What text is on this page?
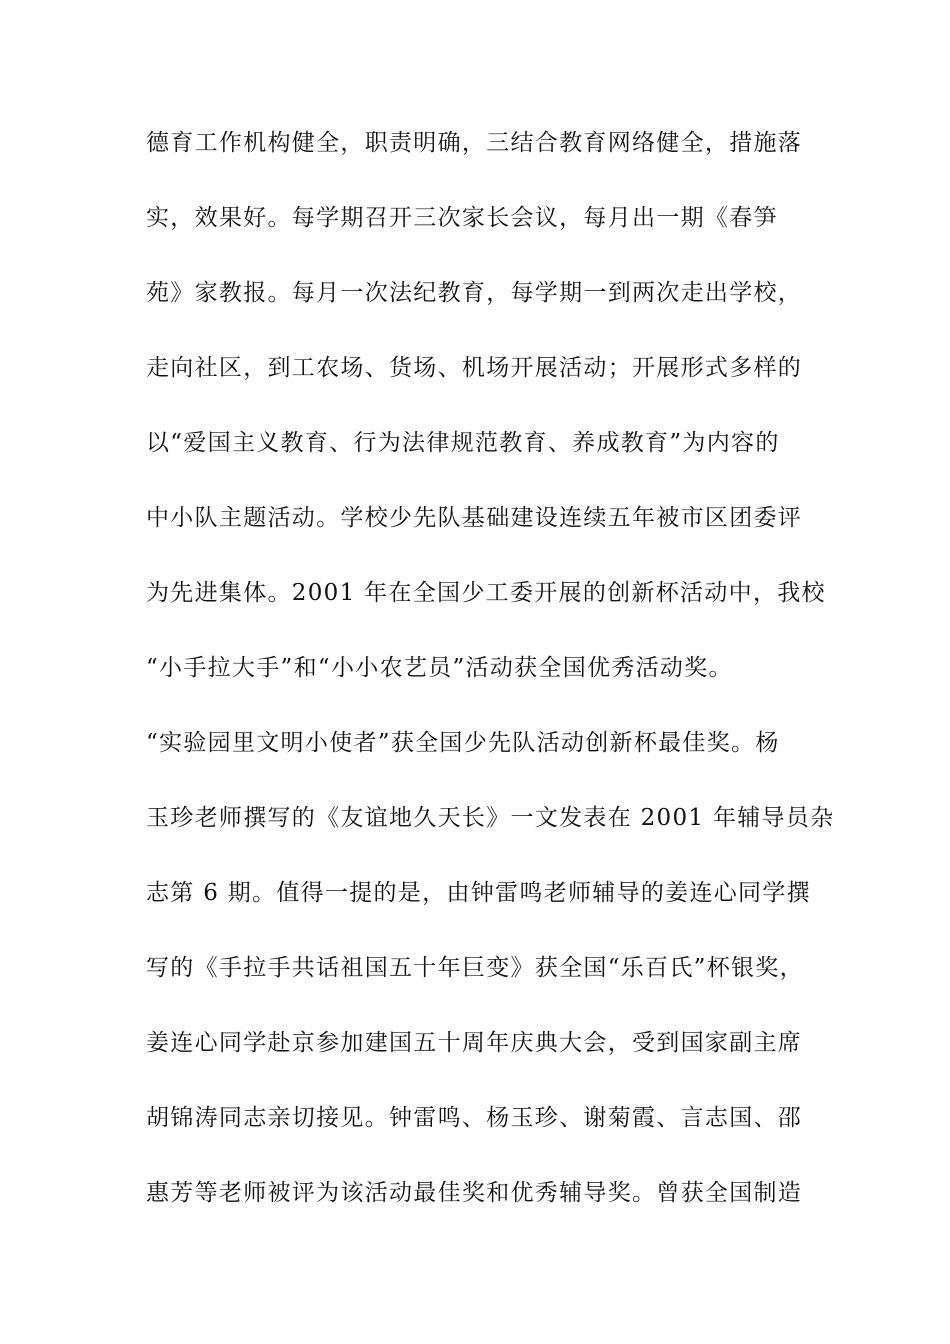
德育工作机构健全，职责明确，三结合教育网络健全，措施落
实，效果好。每学期召开三次家长会议，每月出一期《春笋
苑》家教报。每月一次法纪教育，每学期一到两次走出学校，
走向社区，到工农场、货场、机场开展活动；开展形式多样的
以“爱国主义教育、行为法律规范教育、养成教育”为内容的
中小队主题活动。学校少先队基础建设连续五年被市区团委评
为先进集体。2001 年在全国少工委开展的创新杯活动中，我校
“小手拉大手”和“小小农艺员”活动获全国优秀活动奖。
“实验园里文明小使者”获全国少先队活动创新杯最佳奖。杨
玉珍老师撰写的《友谊地久天长》一文发表在 2001 年辅导员杂
志第 6 期。值得一提的是，由钟雷鸣老师辅导的姜连心同学撰
写的《手拉手共话祖国五十年巨变》获全国“乐百氏”杯银奖，
姜连心同学赴京参加建国五十周年庆典大会，受到国家副主席
胡锦涛同志亲切接见。钟雷鸣、杨玉珍、谢菊霞、言志国、邵
惠芳等老师被评为该活动最佳奖和优秀辅导奖。曾获全国制造
